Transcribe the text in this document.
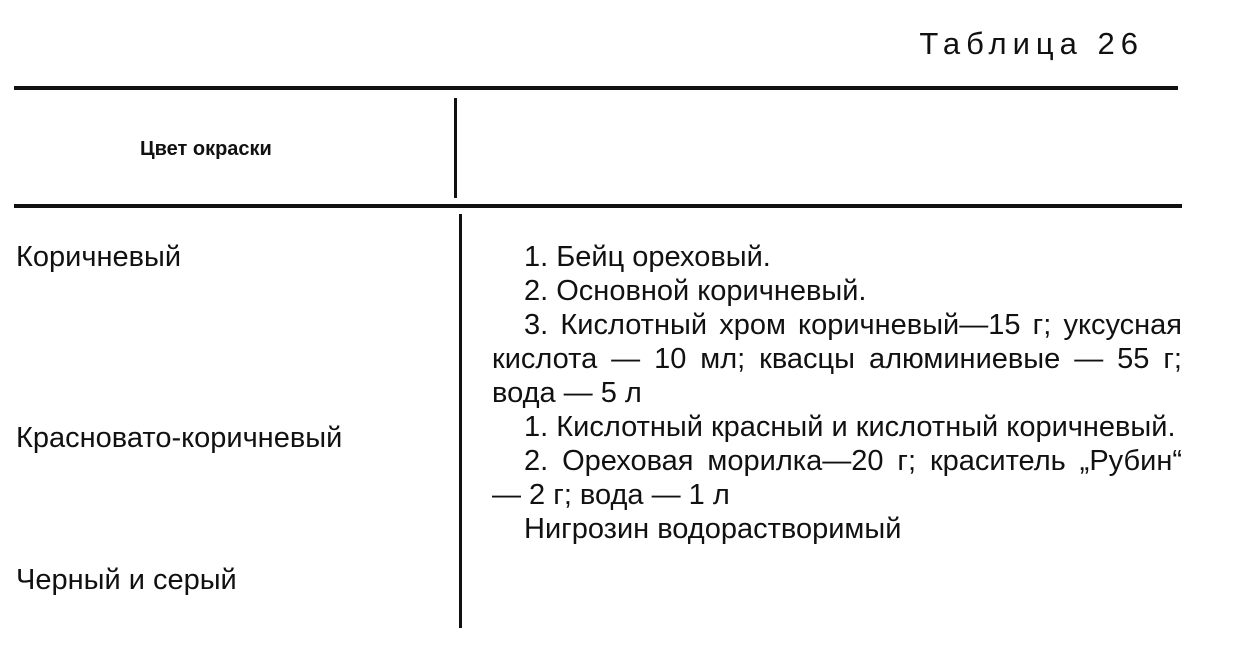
Таблица 26
Цвет окраски
Коричневый
Красновато-коричневый
Черный и серый
1. Бейц ореховый.
2. Основной коричневый.
3. Кислотный хром коричневый—15 г; уксусная кислота — 10 мл; квасцы алюминиевые — 55 г; вода — 5 л
1. Кислотный красный и кислотный коричневый.
2. Ореховая морилка—20 г; краситель „Рубин“ — 2 г; вода — 1 л
Нигрозин водорастворимый
